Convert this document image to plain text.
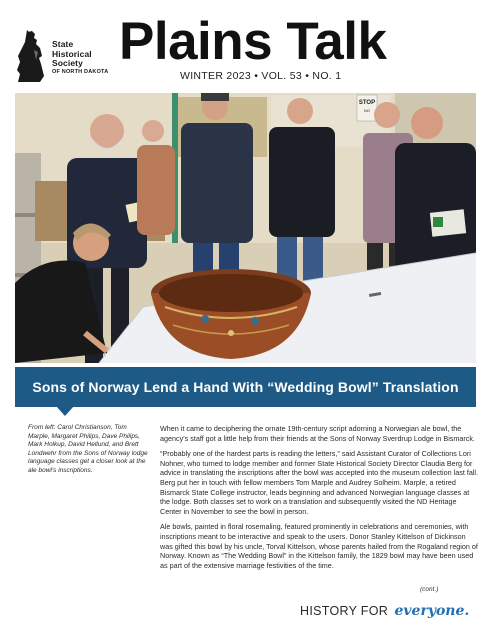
State
Historical
Society
OF NORTH DAKOTA
Plains Talk
WINTER 2023 • VOL. 53 • NO. 1
STOP
NO
Sons of Norway Lend a Hand With “Wedding Bowl” Translation

From left: Carol Christianson, Tom Marple, Margaret Philips, Dave Philips, Mark Holkup, David Hellund, and Brett Londwehr from the Sons of Norway lodge language classes get a closer look at the ale bowl’s inscriptions.

When it came to deciphering the ornate 19th-century script adorning a Norwegian ale bowl, the agency’s staff got a little help from their friends at the Sons of Norway Sverdrup Lodge in Bismarck.

“Probably one of the hardest parts is reading the letters,” said Assistant Curator of Collections Lori Nohner, who turned to lodge member and former State Historical Society Director Claudia Berg for advice in translating the inscriptions after the bowl was accepted into the museum collection last fall. Berg put her in touch with fellow members Tom Marple and Audrey Solheim. Marple, a retired Bismarck State College instructor, leads beginning and advanced Norwegian language classes at the lodge. Both classes set to work on a translation and subsequently visited the ND Heritage Center in November to see the bowl in person.

Ale bowls, painted in floral rosemaling, featured prominently in celebrations and ceremonies, with inscriptions meant to be interactive and speak to the users. Donor Stanley Kittelson of Dickinson was gifted this bowl by his uncle, Torval Kittelson, whose parents hailed from the Rogaland region of Norway. Known as “The Wedding Bowl” in the Kittelson family, the 1829 bowl may have been used as part of the extensive marriage festivities of the time.

(cont.)
HISTORY FOR everyone.
